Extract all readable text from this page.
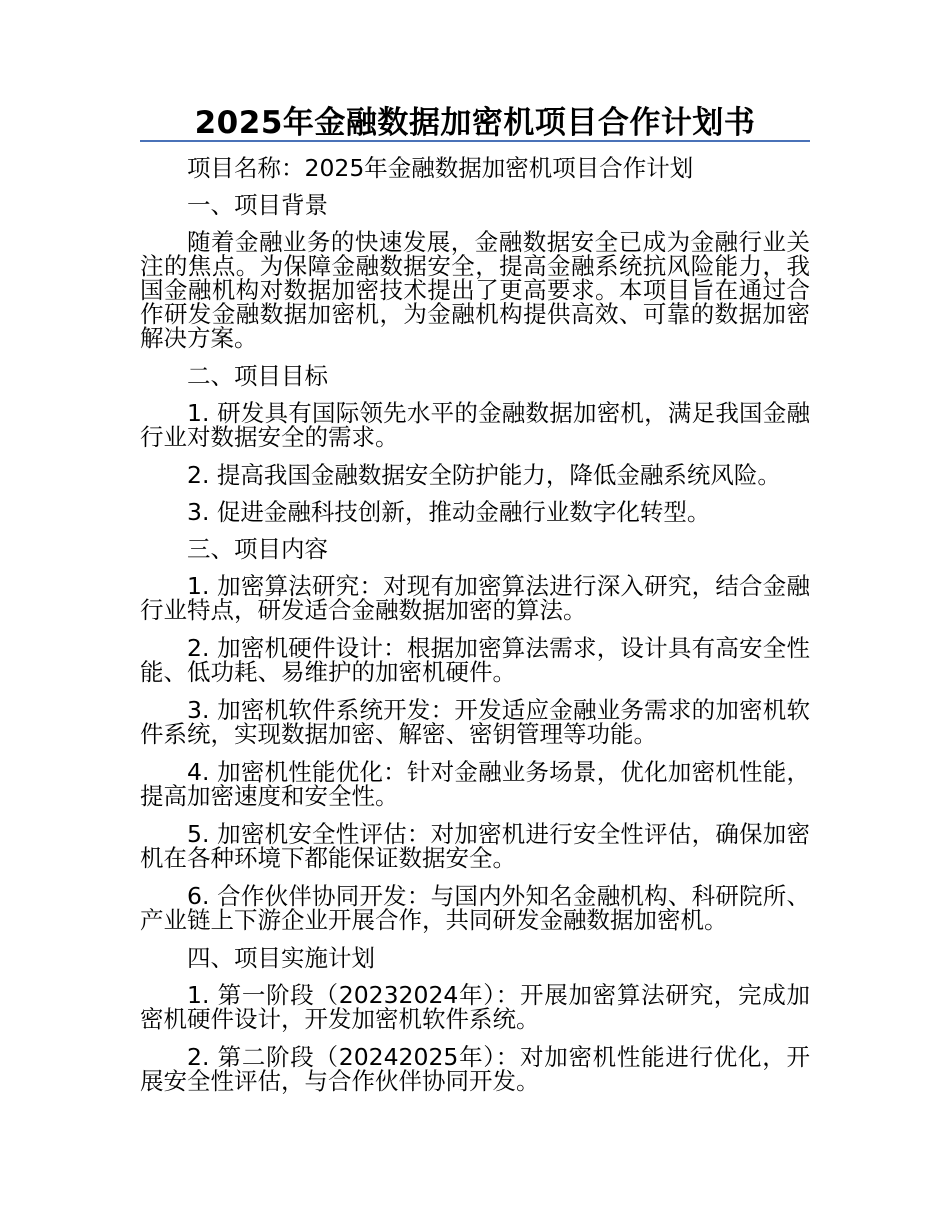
2025年金融数据加密机项目合作计划书

项目名称：2025年金融数据加密机项目合作计划

一、项目背景

随着金融业务的快速发展，金融数据安全已成为金融行业关注的焦点。为保障金融数据安全，提高金融系统抗风险能力，我国金融机构对数据加密技术提出了更高要求。本项目旨在通过合作研发金融数据加密机，为金融机构提供高效、可靠的数据加密解决方案。

二、项目目标

1. 研发具有国际领先水平的金融数据加密机，满足我国金融行业对数据安全的需求。

2. 提高我国金融数据安全防护能力，降低金融系统风险。

3. 促进金融科技创新，推动金融行业数字化转型。

三、项目内容

1. 加密算法研究：对现有加密算法进行深入研究，结合金融行业特点，研发适合金融数据加密的算法。

2. 加密机硬件设计：根据加密算法需求，设计具有高安全性能、低功耗、易维护的加密机硬件。

3. 加密机软件系统开发：开发适应金融业务需求的加密机软件系统，实现数据加密、解密、密钥管理等功能。

4. 加密机性能优化：针对金融业务场景，优化加密机性能，提高加密速度和安全性。

5. 加密机安全性评估：对加密机进行安全性评估，确保加密机在各种环境下都能保证数据安全。

6. 合作伙伴协同开发：与国内外知名金融机构、科研院所、产业链上下游企业开展合作，共同研发金融数据加密机。

四、项目实施计划

1. 第一阶段（20232024年）：开展加密算法研究，完成加密机硬件设计，开发加密机软件系统。

2. 第二阶段（20242025年）：对加密机性能进行优化，开展安全性评估，与合作伙伴协同开发。
